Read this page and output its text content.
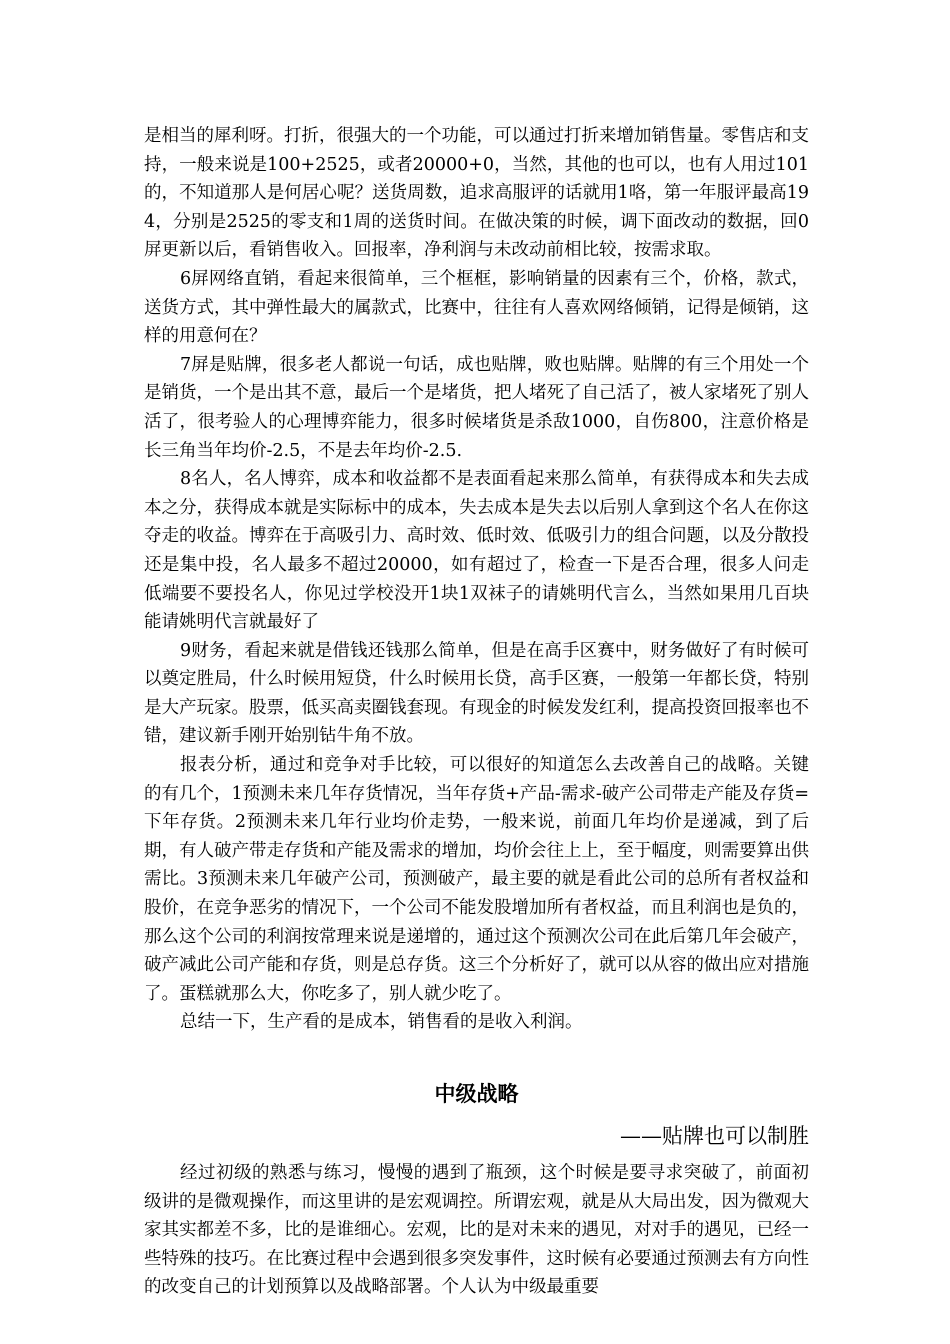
是相当的犀利呀。打折，很强大的一个功能，可以通过打折来增加销售量。零售店和支持，一般来说是100+2525，或者20000+0，当然，其他的也可以，也有人用过101的，不知道那人是何居心呢？送货周数，追求高服评的话就用1咯，第一年服评最高194，分别是2525的零支和1周的送货时间。在做决策的时候，调下面改动的数据，回0屏更新以后，看销售收入。回报率，净利润与未改动前相比较，按需求取。

6屏网络直销，看起来很简单，三个框框，影响销量的因素有三个，价格，款式，送货方式，其中弹性最大的属款式，比赛中，往往有人喜欢网络倾销，记得是倾销，这样的用意何在？

7屏是贴牌，很多老人都说一句话，成也贴牌，败也贴牌。贴牌的有三个用处一个是销货，一个是出其不意，最后一个是堵货，把人堵死了自己活了，被人家堵死了别人活了，很考验人的心理博弈能力，很多时候堵货是杀敌1000，自伤800，注意价格是长三角当年均价-2.5，不是去年均价-2.5.

8名人，名人博弈，成本和收益都不是表面看起来那么简单，有获得成本和失去成本之分，获得成本就是实际标中的成本，失去成本是失去以后别人拿到这个名人在你这夺走的收益。博弈在于高吸引力、高时效、低时效、低吸引力的组合问题，以及分散投还是集中投，名人最多不超过20000，如有超过了，检查一下是否合理，很多人问走低端要不要投名人，你见过学校没开1块1双袜子的请姚明代言么，当然如果用几百块能请姚明代言就最好了

9财务，看起来就是借钱还钱那么简单，但是在高手区赛中，财务做好了有时候可以奠定胜局，什么时候用短贷，什么时候用长贷，高手区赛，一般第一年都长贷，特别是大产玩家。股票，低买高卖圈钱套现。有现金的时候发发红利，提高投资回报率也不错，建议新手刚开始别钻牛角不放。

报表分析，通过和竞争对手比较，可以很好的知道怎么去改善自己的战略。关键的有几个，1预测未来几年存货情况，当年存货+产品-需求-破产公司带走产能及存货=下年存货。2预测未来几年行业均价走势，一般来说，前面几年均价是递减，到了后期，有人破产带走存货和产能及需求的增加，均价会往上上，至于幅度，则需要算出供需比。3预测未来几年破产公司，预测破产，最主要的就是看此公司的总所有者权益和股价，在竞争恶劣的情况下，一个公司不能发股增加所有者权益，而且利润也是负的，那么这个公司的利润按常理来说是递增的，通过这个预测次公司在此后第几年会破产，破产减此公司产能和存货，则是总存货。这三个分析好了，就可以从容的做出应对措施了。蛋糕就那么大，你吃多了，别人就少吃了。

总结一下，生产看的是成本，销售看的是收入利润。

中级战略

——贴牌也可以制胜

经过初级的熟悉与练习，慢慢的遇到了瓶颈，这个时候是要寻求突破了，前面初级讲的是微观操作，而这里讲的是宏观调控。所谓宏观，就是从大局出发，因为微观大家其实都差不多，比的是谁细心。宏观，比的是对未来的遇见，对对手的遇见，已经一些特殊的技巧。在比赛过程中会遇到很多突发事件，这时候有必要通过预测去有方向性的改变自己的计划预算以及战略部署。个人认为中级最重要
